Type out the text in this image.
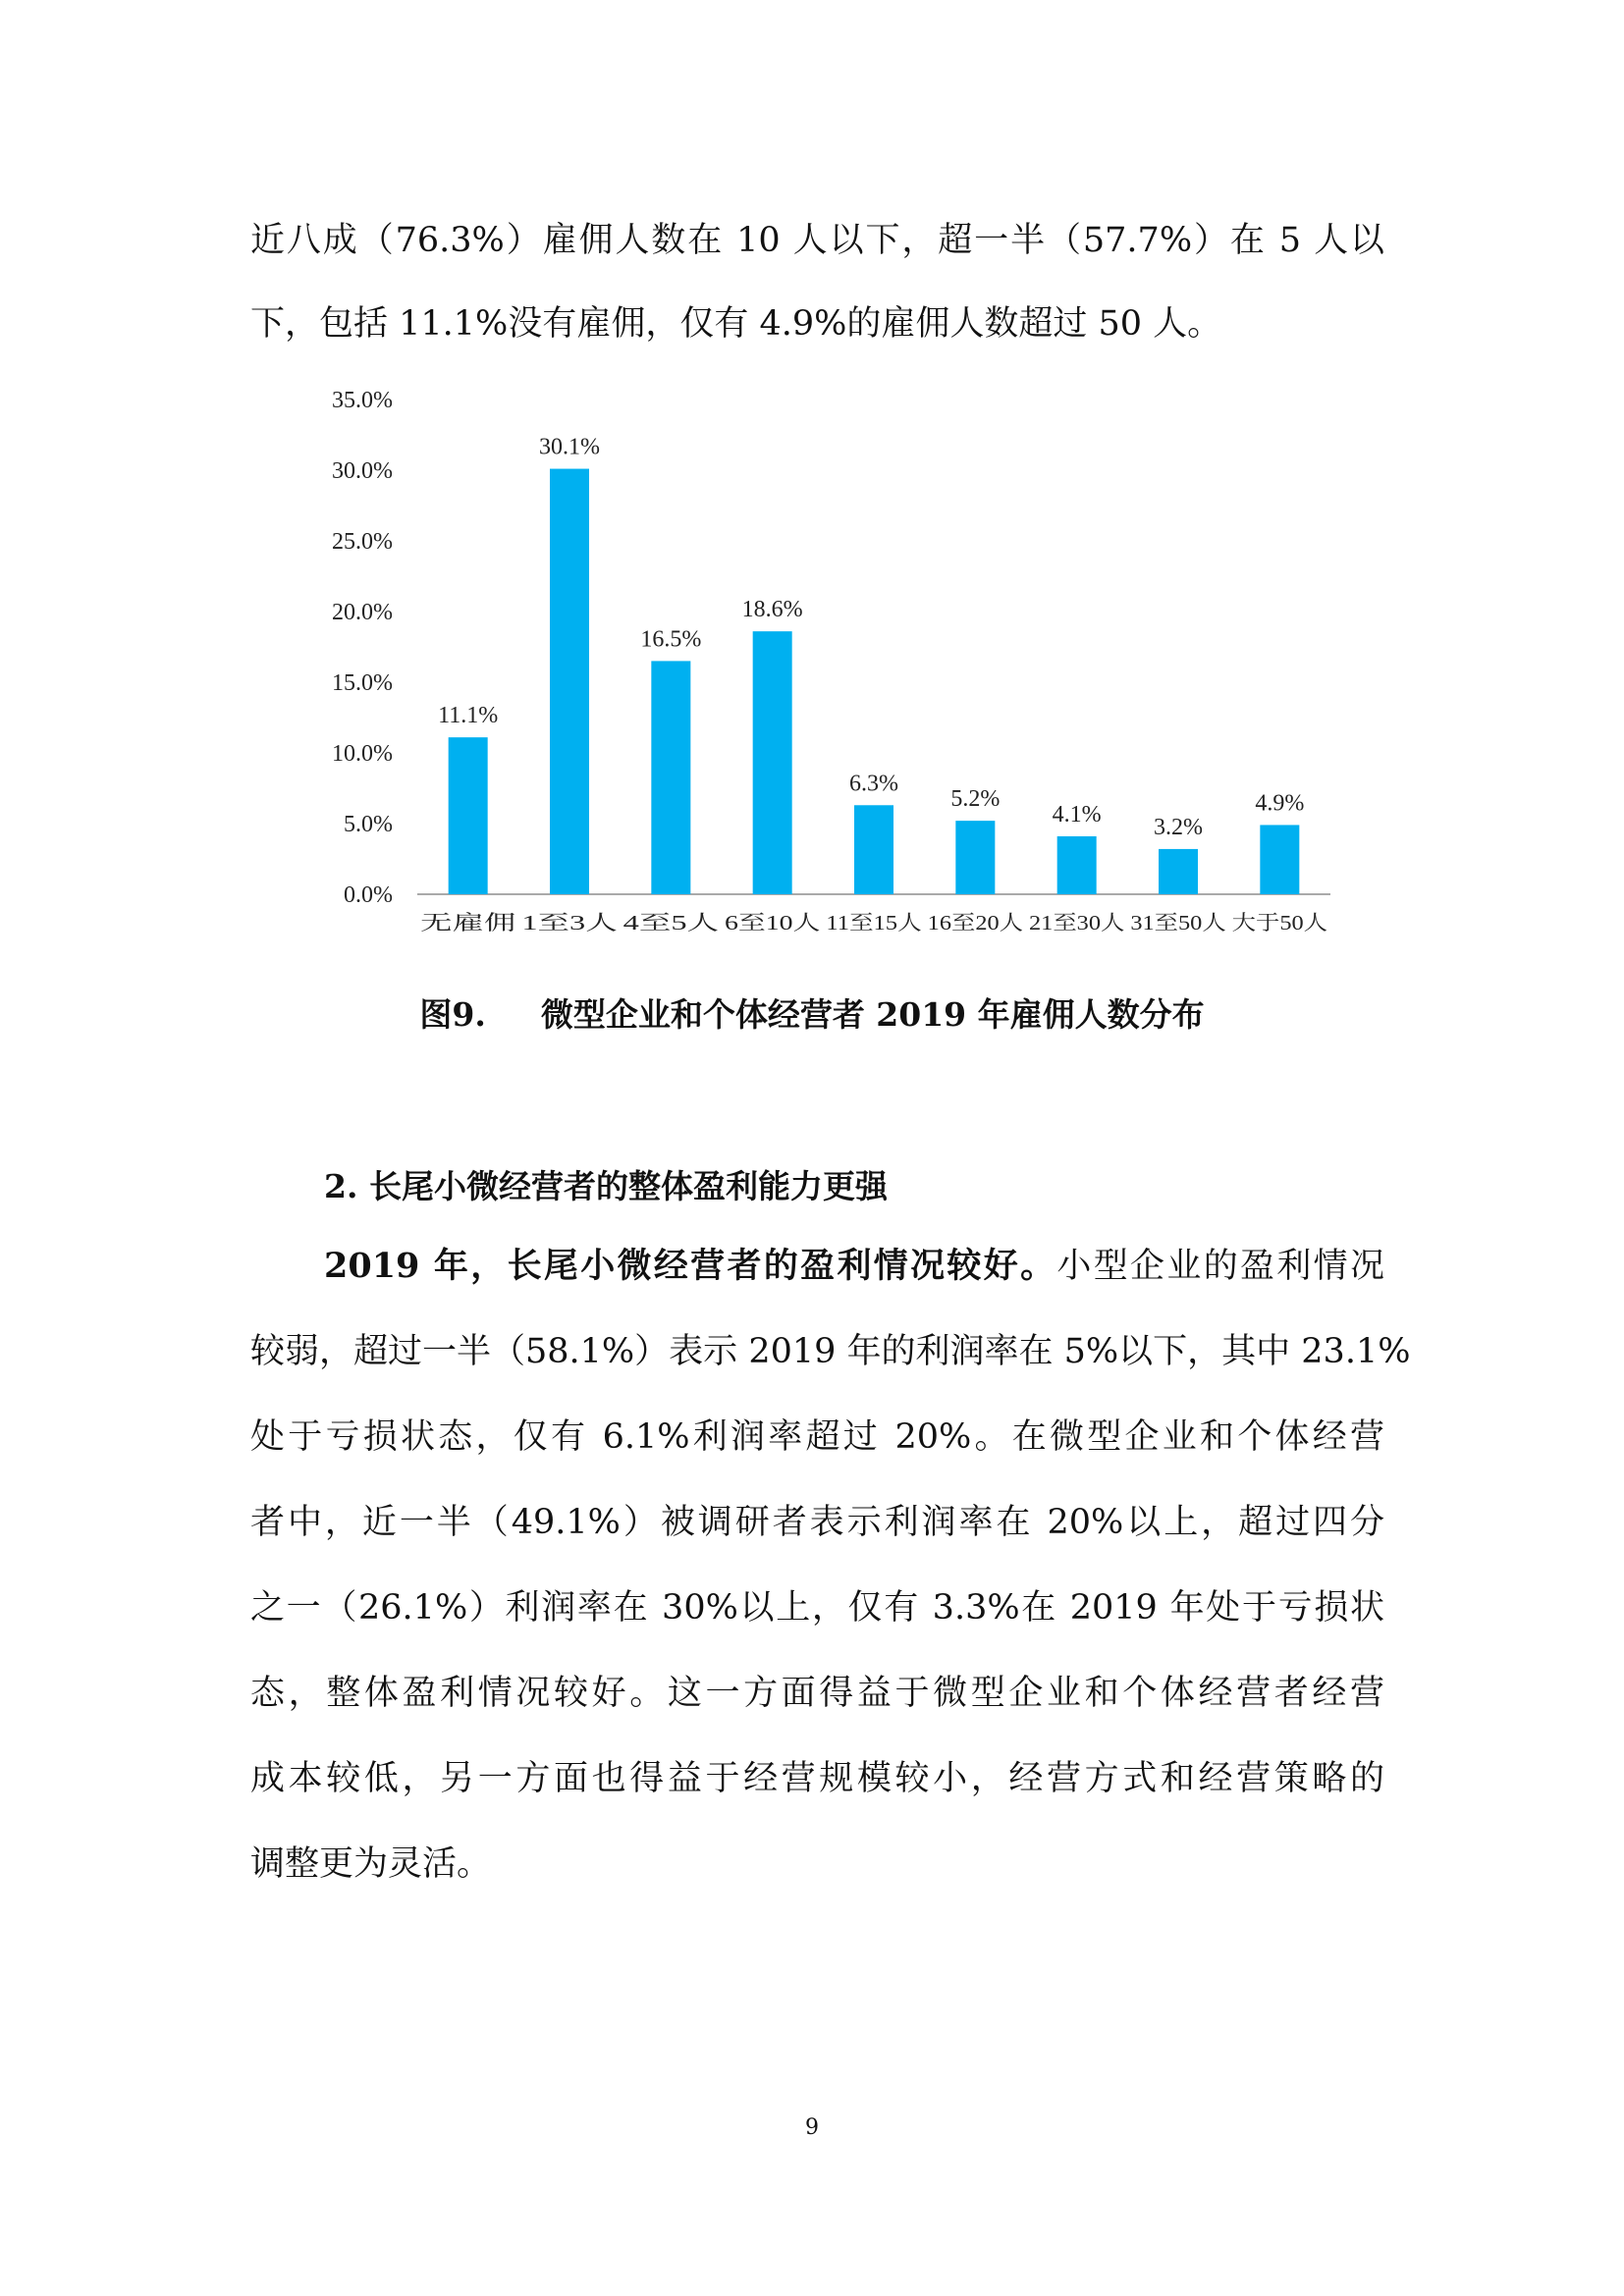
近八成（76.3%）雇佣人数在 10 人以下，超一半（57.7%）在 5 人以
下，包括 11.1%没有雇佣，仅有 4.9%的雇佣人数超过 50 人。
0.0%
5.0%
10.0%
15.0%
20.0%
25.0%
30.0%
35.0%
11.1%
无雇佣
30.1%
1至3人
16.5%
4至5人
18.6%
6至10人
6.3%
11至15人
5.2%
16至20人
4.1%
21至30人
3.2%
31至50人
4.9%
大于50人
图9. 微型企业和个体经营者 2019 年雇佣人数分布
2. 长尾小微经营者的整体盈利能力更强
2019 年，长尾小微经营者的盈利情况较好。小型企业的盈利情况
较弱，超过一半（58.1%）表示 2019 年的利润率在 5%以下，其中 23.1%
处于亏损状态，仅有 6.1%利润率超过 20%。在微型企业和个体经营
者中，近一半（49.1%）被调研者表示利润率在 20%以上，超过四分
之一（26.1%）利润率在 30%以上，仅有 3.3%在 2019 年处于亏损状
态，整体盈利情况较好。这一方面得益于微型企业和个体经营者经营
成本较低，另一方面也得益于经营规模较小，经营方式和经营策略的
调整更为灵活。
9
